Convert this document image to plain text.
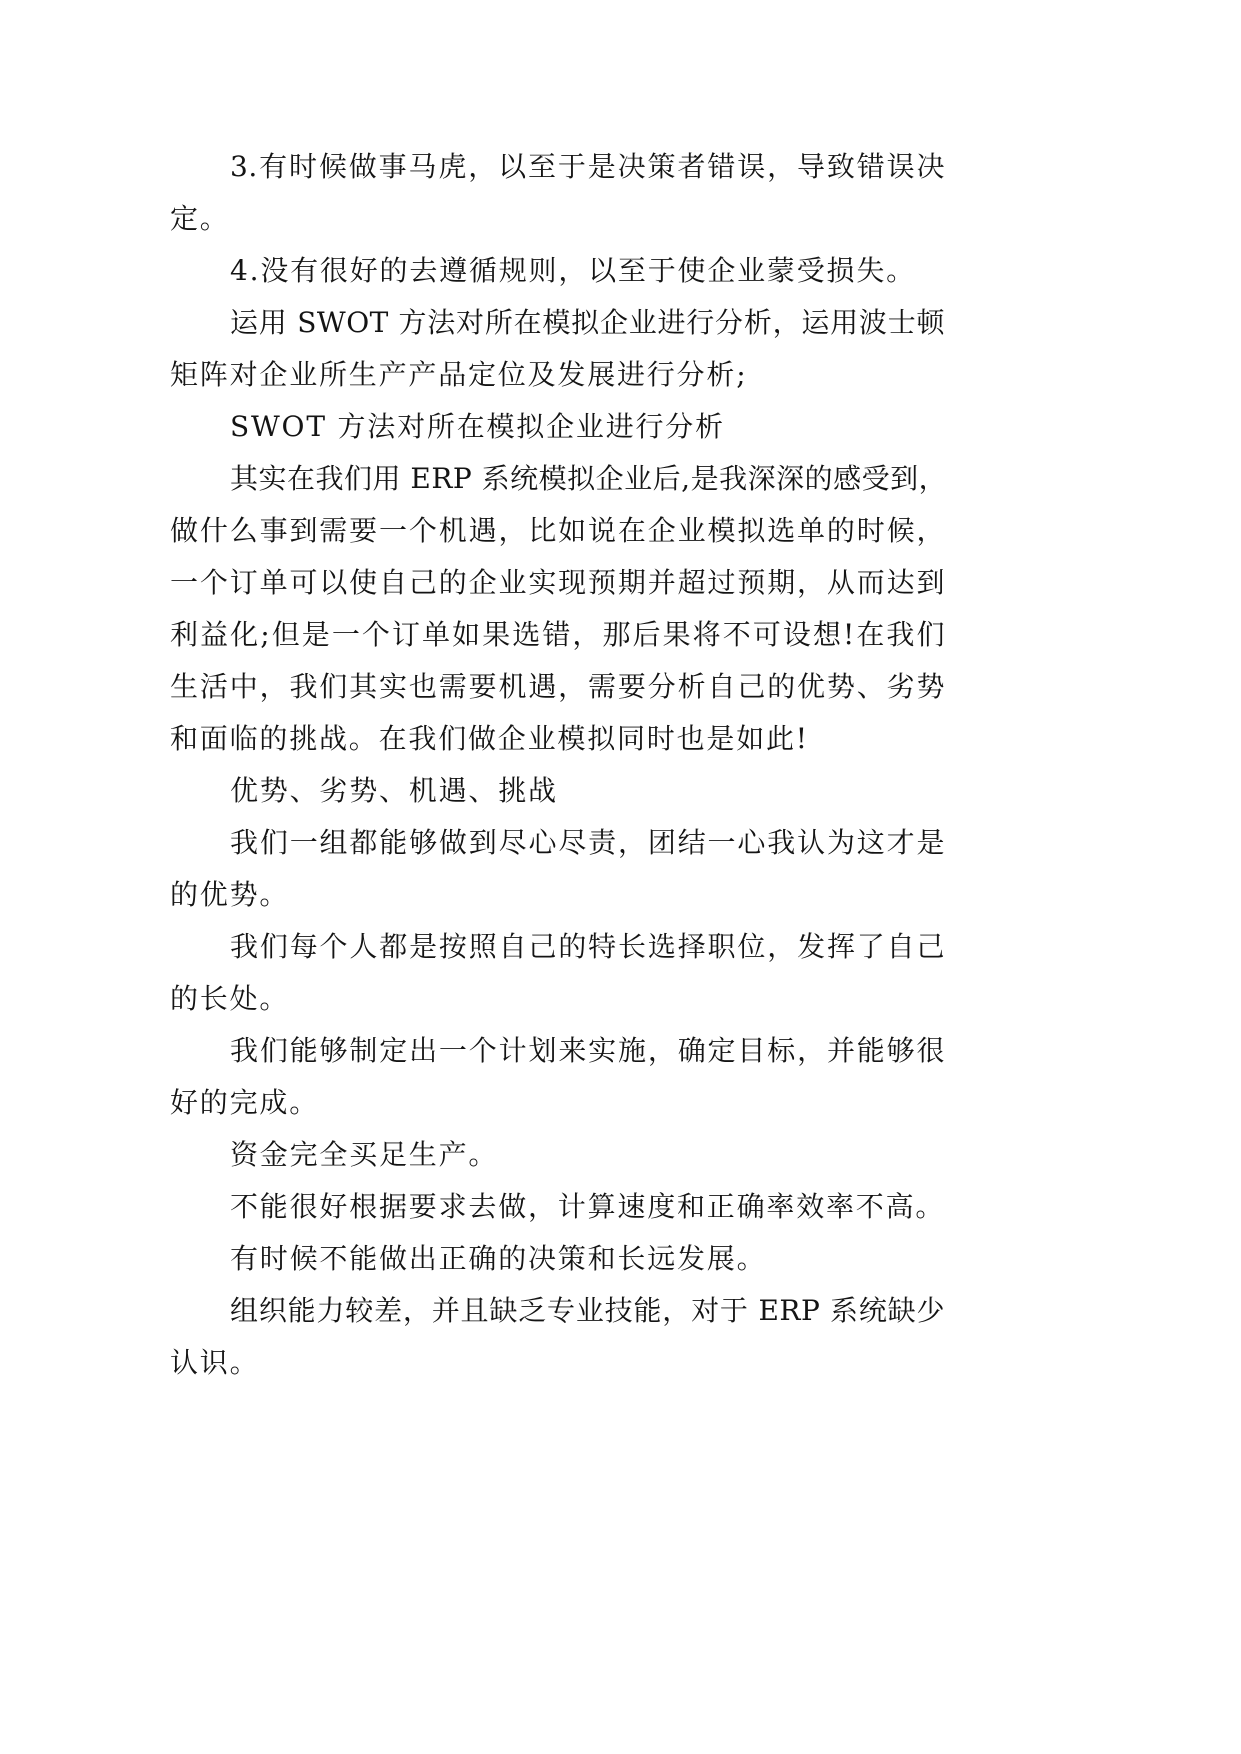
3.有时候做事马虎，以至于是决策者错误，导致错误决
定。
4.没有很好的去遵循规则，以至于使企业蒙受损失。
运用 SWOT 方法对所在模拟企业进行分析，运用波士顿
矩阵对企业所生产产品定位及发展进行分析;
SWOT 方法对所在模拟企业进行分析
其实在我们用 ERP 系统模拟企业后,是我深深的感受到，
做什么事到需要一个机遇，比如说在企业模拟选单的时候，
一个订单可以使自己的企业实现预期并超过预期，从而达到
利益化;但是一个订单如果选错，那后果将不可设想!在我们
生活中，我们其实也需要机遇，需要分析自己的优势、劣势
和面临的挑战。在我们做企业模拟同时也是如此!
优势、劣势、机遇、挑战
我们一组都能够做到尽心尽责，团结一心我认为这才是
的优势。
我们每个人都是按照自己的特长选择职位，发挥了自己
的长处。
我们能够制定出一个计划来实施，确定目标，并能够很
好的完成。
资金完全买足生产。
不能很好根据要求去做，计算速度和正确率效率不高。
有时候不能做出正确的决策和长远发展。
组织能力较差，并且缺乏专业技能，对于 ERP 系统缺少
认识。
